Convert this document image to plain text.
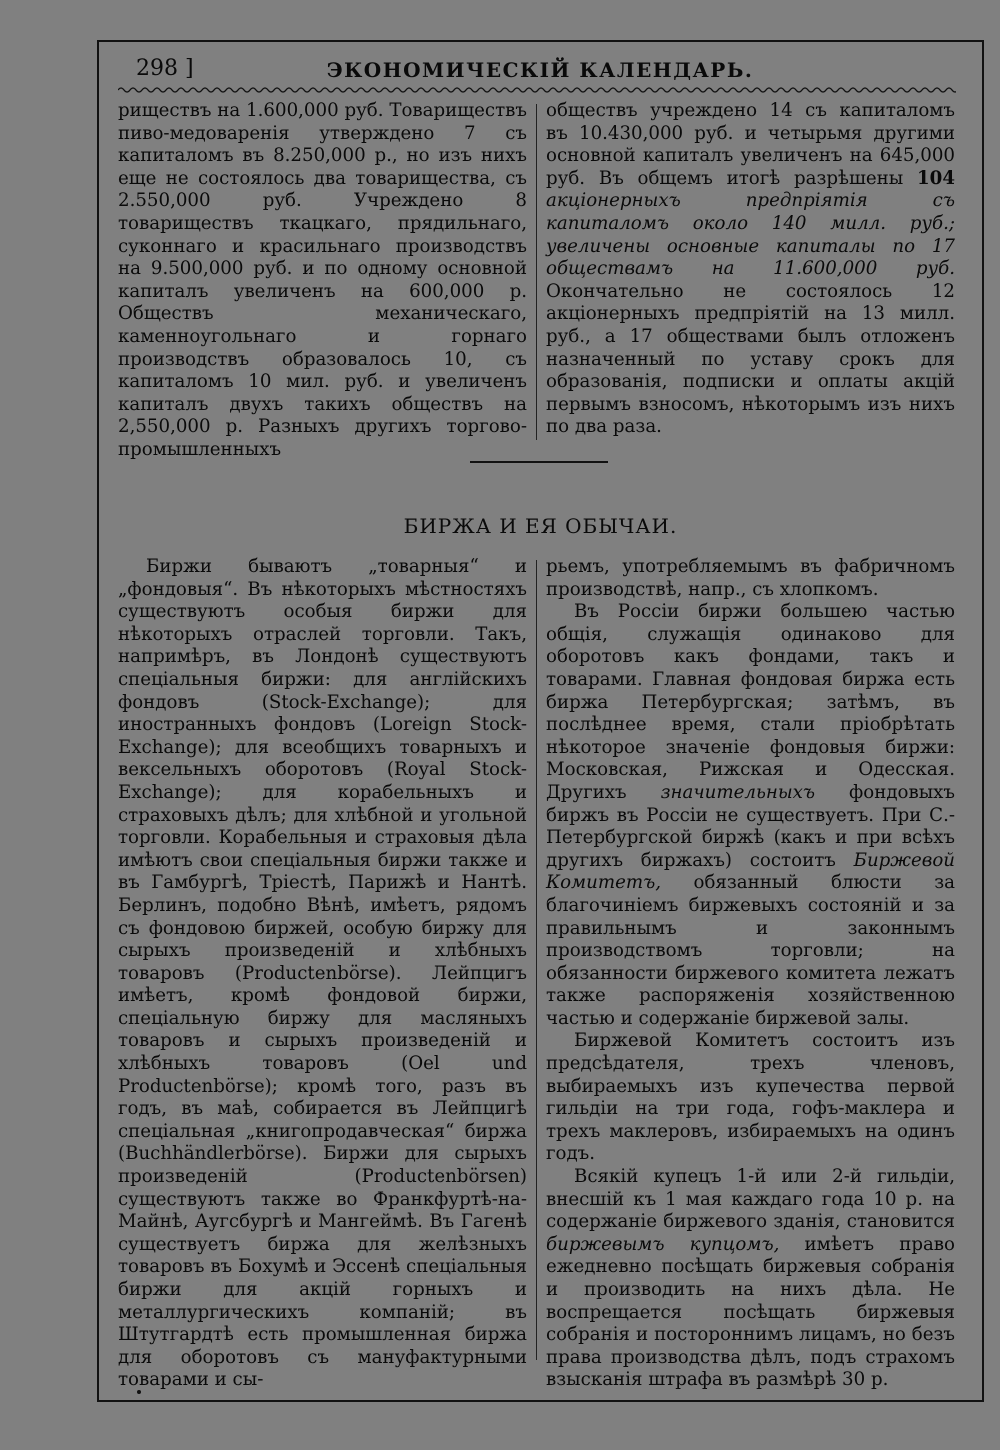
298 ]	ЭКОНОМИЧЕСКІЙ КАЛЕНДАРЬ.

риществъ на 1.600,000 руб. Товариществъ пиво-медоваренія утверждено 7 съ капиталомъ въ 8.250,000 р., но изъ нихъ еще не состоялось два товарищества, съ 2.550,000 руб. Учреждено 8 товариществъ ткацкаго, прядильнаго, суконнаго и красильнаго производствъ на 9.500,000 руб. и по одному основной капиталъ увеличенъ на 600,000 р. Обществъ механическаго, каменноугольнаго и горнаго производствъ образовалось 10, съ капиталомъ 10 мил. руб. и увеличенъ капиталъ двухъ такихъ обществъ на 2,550,000 р. Разныхъ другихъ торгово-промышленныхъ

обществъ учреждено 14 съ капиталомъ въ 10.430,000 руб. и четырьмя другими основной капиталъ увеличенъ на 645,000 руб. Въ общемъ итогѣ разрѣшены 104 акціонерныхъ предпріятія съ капиталомъ около 140 милл. руб.; увеличены основные капиталы по 17 обществамъ на 11.600,000 руб. Окончательно не состоялось 12 акціонерныхъ предпріятій на 13 милл. руб., а 17 обществами былъ отложенъ назначенный по уставу срокъ для образованія, подписки и оплаты акцій первымъ взносомъ, нѣкоторымъ изъ нихъ по два раза.

БИРЖА И ЕЯ ОБЫЧАИ.

Биржи бываютъ „товарныя“ и „фондовыя“. Въ нѣкоторыхъ мѣстностяхъ существуютъ особыя биржи для нѣкоторыхъ отраслей торговли. Такъ, напримѣръ, въ Лондонѣ существуютъ спеціальныя биржи: для англійскихъ фондовъ (Stock-Exchange); для иностранныхъ фондовъ (Loreign Stock-Exchange); для всеобщихъ товарныхъ и вексельныхъ оборотовъ (Royal Stock-Exchange); для корабельныхъ и страховыхъ дѣлъ; для хлѣбной и угольной торговли. Корабельныя и страховыя дѣла имѣютъ свои спеціальныя биржи также и въ Гамбургѣ, Тріестѣ, Парижѣ и Нантѣ. Берлинъ, подобно Вѣнѣ, имѣетъ, рядомъ съ фондовою биржей, особую биржу для сырыхъ произведеній и хлѣбныхъ товаровъ (Productenbörse). Лейпцигъ имѣетъ, кромѣ фондовой биржи, спеціальную биржу для масляныхъ товаровъ и сырыхъ произведеній и хлѣбныхъ товаровъ (Oel und Productenbörse); кромѣ того, разъ въ годъ, въ маѣ, собирается въ Лейпцигѣ спеціальная „книгопродавческая“ биржа (Buchhändlerbörse). Биржи для сырыхъ произведеній (Productenbörsen) существуютъ также во Франкфуртѣ-на-Майнѣ, Аугсбургѣ и Мангеймѣ. Въ Гагенѣ существуетъ биржа для желѣзныхъ товаровъ въ Бохумѣ и Эссенѣ спеціальныя биржи для акцій горныхъ и металлургическихъ компаній; въ Штутгардтѣ есть промышленная биржа для оборотовъ съ мануфактурными товарами и сы-

рьемъ, употребляемымъ въ фабричномъ производствѣ, напр., съ хлопкомъ.

Въ Россіи биржи большею частью общія, служащія одинаково для оборотовъ какъ фондами, такъ и товарами. Главная фондовая биржа есть биржа Петербургская; затѣмъ, въ послѣднее время, стали пріобрѣтать нѣкоторое значеніе фондовыя биржи: Московская, Рижская и Одесская. Другихъ значительныхъ фондовыхъ биржъ въ Россіи не существуетъ. При С.-Петербургской биржѣ (какъ и при всѣхъ другихъ биржахъ) состоитъ Биржевой Комитетъ, обязанный блюсти за благочиніемъ биржевыхъ состояній и за правильнымъ и законнымъ производствомъ торговли; на обязанности биржевого комитета лежатъ также распоряженія хозяйственною частью и содержаніе биржевой залы.

Биржевой Комитетъ состоитъ изъ предсѣдателя, трехъ членовъ, выбираемыхъ изъ купечества первой гильдіи на три года, гофъ-маклера и трехъ маклеровъ, избираемыхъ на одинъ годъ.

Всякій купецъ 1-й или 2-й гильдіи, внесшій къ 1 мая каждаго года 10 р. на содержаніе биржевого зданія, становится биржевымъ купцомъ, имѣетъ право ежедневно посѣщать биржевыя собранія и производить на нихъ дѣла. Не воспрещается посѣщать биржевыя собранія и постороннимъ лицамъ, но безъ права производства дѣлъ, подъ страхомъ взысканія штрафа въ размѣрѣ 30 р.
